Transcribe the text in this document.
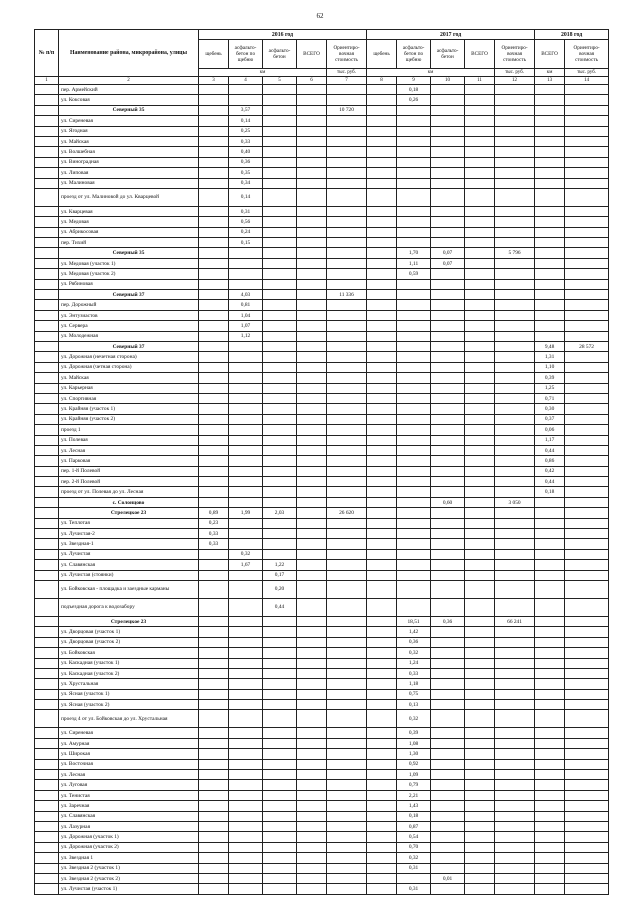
62
№ п/п	Наименование района, микрорайона, улицы	2016 год					2017 год					2018 год	
		щебень	асфальто-бетон по щебню	асфальто-бетон	ВСЕГО	Ориентиро-вочная стоимость	щебень	асфальто-бетон по щебню	асфальто-бетон	ВСЕГО	Ориентиро-вочная стоимость	ВСЕГО	Ориентиро-вочная стоимость
		км				тыс. руб.	км				тыс. руб.	км	тыс. руб.
1	2	3	4	5	6	7	8	9	10	11	12	13	14
	пер. Армейский							0,18					
	ул. Коксовая							0,26					
	Северный 35		3,57			10 720							
	ул. Сиреневая		0,14										
	ул. Ягодная		0,25										
	ул. Майская		0,33										
	ул. Волшебная		0,40										
	ул. Виноградная		0,36										
	ул. Липовая		0,35										
	ул. Малиновая		0,34										
	проезд от ул. Малиновой до ул. Кварцевой		0,14										
	ул. Кварцевая		0,31										
	ул. Медовая		0,56										
	ул. Абрикосовая		0,24										
	пер. Тихий		0,15										
	Северный 35							1,70	0,07		5 796		
	ул. Медовая (участок 1)							1,11	0,07				
	ул. Медовая (участок 2)							0,59					
	ул. Рябиновая												
	Северный 37		4,03			11 336							
	пер. Дорожный		0,81										
	ул. Энтузиастов		1,04										
	ул. Сервера		1,07										
	ул. Молодежная		1,12										
	Северный 37											9,48	28 572
	ул. Дорожная (нечетная сторона)											1,31	
	ул. Дорожная (четная сторона)											1,10	
	ул. Майская											0,39	
	ул. Карьерная											1,25	
	ул. Спортивная											0,71	
	ул. Крайняя (участок 1)											0,30	
	ул. Крайняя (участок 2)											0,37	
	проезд 1											0,06	
	ул. Полевая											1,17	
	ул. Лесная											0,44	
	ул. Парковая											0,86	
	пер. 1-й Полевой											0,42	
	пер. 2-й Полевой											0,44	
	проезд от ул. Полевая до ул. Лесная											0,18	
	с. Солонцово								0,60		3 050		
	Стрелецкое 23	0,89	1,99	2,03		26 620							
	ул. Теплотая	0,23											
	ул. Лучистая-2	0,33											
	ул. Звездная-1	0,33											
	ул. Лучистая		0,32										
	ул. Славянская		1,67	1,22									
	ул. Лучистая (стоянки)			0,17									
	ул. Бойковская - площадка и заездные карманы			0,20									
	подъездная дорога к водозабору			0,44									
	Стрелецкое 23							18,51	0,36		66 241		
	ул. Дворцовая (участок 1)							1,42					
	ул. Дворцовая (участок 2)							0,36					
	ул. Бойковская							0,32					
	ул. Каскадная (участок 1)							1,24					
	ул. Каскадная (участок 2)							0,33					
	ул. Хрустальная							1,18					
	ул. Ясная (участок 1)							0,75					
	ул. Ясная (участок 2)							0,13					
	проезд 4 от ул. Бойковская до ул. Хрустальная							0,32					
	ул. Сиреневая							0,39					
	ул. Амурная							1,08					
	ул. Широкая							1,30					
	ул. Восточная							0,92					
	ул. Лесная							1,09					
	ул. Луговая							0,79					
	ул. Тенистая							2,21					
	ул. Заречная							1,43					
	ул. Славянская							0,18					
	ул. Лазурная							0,87					
	ул. Дорожная (участок 1)							0,54					
	ул. Дорожная (участок 2)							0,70					
	ул. Звездная 1							0,32					
	ул. Звездная 2 (участок 1)							0,31					
	ул. Звездная 2 (участок 2)								0,01				
	ул. Лучистая (участок 1)							0,31					
